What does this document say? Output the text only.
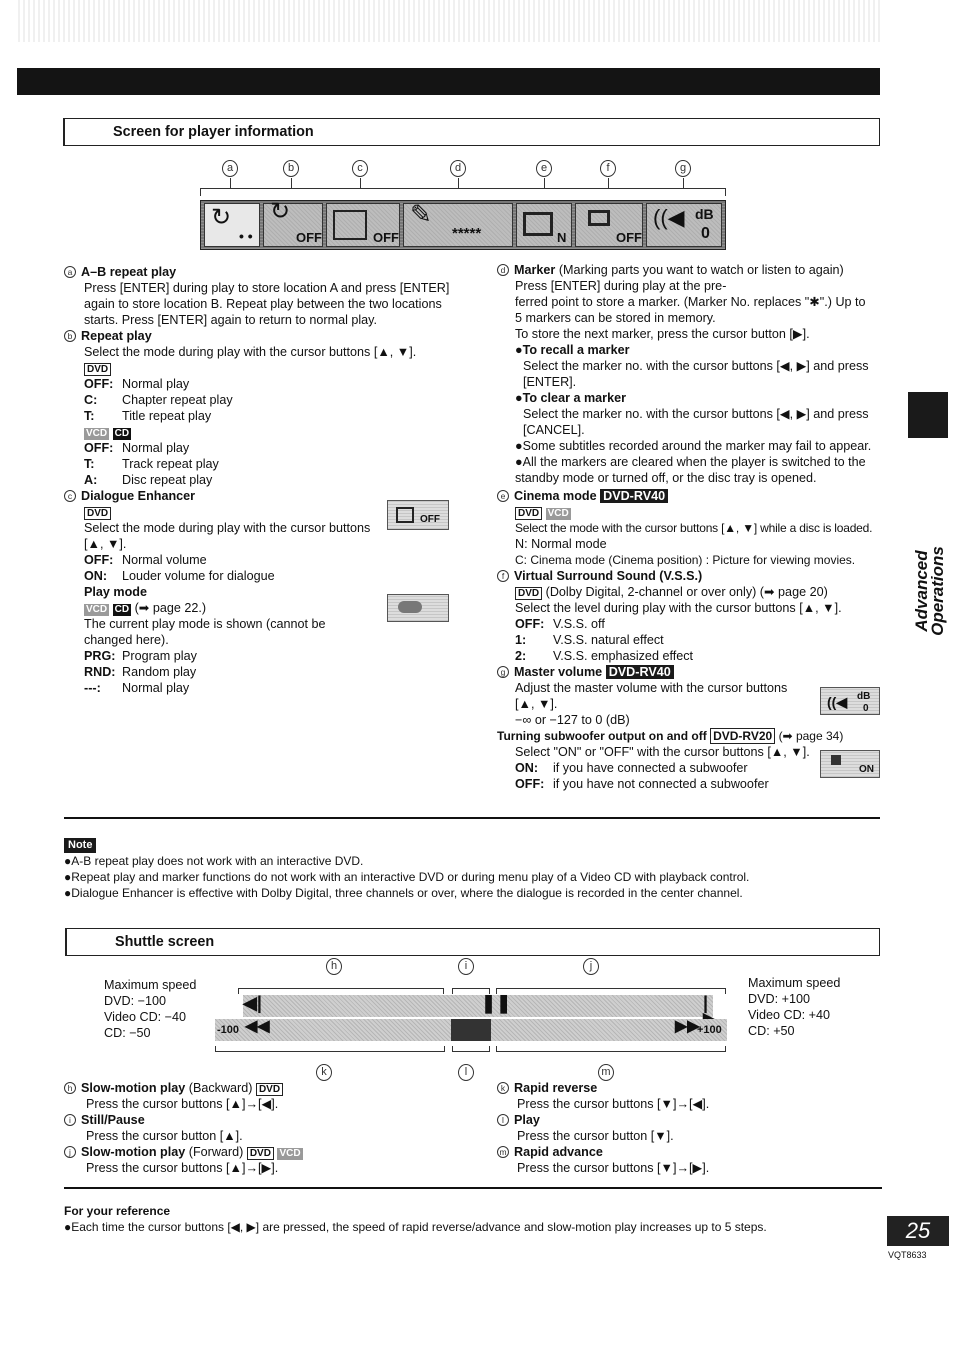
Screen for player information
a	b	c	d	e	f	g
↻
• •
↻
OFF	OFF
✎
*****	N	OFF
((◀ dB
0
a A–B repeat play
Press [ENTER] during play to store location A and press [ENTER] again to store location B. Repeat play between the two locations starts. Press [ENTER] again to return to normal play.
b Repeat play
Select the mode during play with the cursor buttons [▲, ▼].
DVD
OFF: Normal play
C:	Chapter repeat play
T:	Title repeat play
VCD CD
OFF: Normal play
T:	Track repeat play
A:	Disc repeat play
c Dialogue Enhancer
DVD
Select the mode during play with the cursor buttons
[▲, ▼].
OFF: Normal volume
ON:	Louder volume for dialogue
Play mode
VCD CD (➡ page 22.)
The current play mode is shown (cannot be
changed here).
PRG: Program play
RND: Random play
---:	Normal play
OFF
d Marker (Marking parts you want to watch or listen to again)
Press [ENTER] during play at the pre-
ferred point to store a marker. (Marker No. replaces "✱".) Up to
5 markers can be stored in memory.
To store the next marker, press the cursor button [▶].
●To recall a marker
Select the marker no. with the cursor buttons [◀, ▶] and press [ENTER].
●To clear a marker
Select the marker no. with the cursor buttons [◀, ▶] and press [CANCEL].
●Some subtitles recorded around the marker may fail to appear.
●All the markers are cleared when the player is switched to the standby mode or turned off, or the disc tray is opened.
e Cinema mode DVD-RV40
DVD VCD
Select the mode with the cursor buttons [▲, ▼] while a disc is loaded.
N: Normal mode
C: Cinema mode (Cinema position) : Picture for viewing movies.
f Virtual Surround Sound (V.S.S.)
DVD (Dolby Digital, 2-channel or over only) (➡ page 20)
Select the level during play with the cursor buttons [▲, ▼].
OFF: V.S.S. off
1:	V.S.S. natural effect
2:	V.S.S. emphasized effect
g Master volume DVD-RV40
Adjust the master volume with the cursor buttons
[▲, ▼].
−∞ or −127 to 0 (dB)
Turning subwoofer output on and off DVD-RV20 (➡ page 34)
Select "ON" or "OFF" with the cursor buttons [▲, ▼].
ON:	if you have connected a subwoofer
OFF: if you have not connected a subwoofer
((◀ dB
0
ON
Advanced Operations
Note
●A-B repeat play does not work with an interactive DVD.
●Repeat play and marker functions do not work with an interactive DVD or during menu play of a Video CD with playback control.
●Dialogue Enhancer is effective with Dolby Digital, three channels or over, where the dialogue is recorded in the center channel.
Shuttle screen
Maximum speed
DVD: −100
Video CD: −40
CD: −50
Maximum speed
DVD: +100
Video CD: +40
CD: +50
h	i	j
◀|	❚❚	|
-100 ◀◀	▶▶
+100
k	l	m
h Slow-motion play (Backward) DVD
Press the cursor buttons [▲]→[◀].
i Still/Pause
Press the cursor button [▲].
j Slow-motion play (Forward) DVD VCD
Press the cursor buttons [▲]→[▶].
k Rapid reverse
Press the cursor buttons [▼]→[◀].
l Play
Press the cursor button [▼].
m Rapid advance
Press the cursor buttons [▼]→[▶].
For your reference
●Each time the cursor buttons [◀, ▶] are pressed, the speed of rapid reverse/advance and slow-motion play increases up to 5 steps.	25
VQT8633
